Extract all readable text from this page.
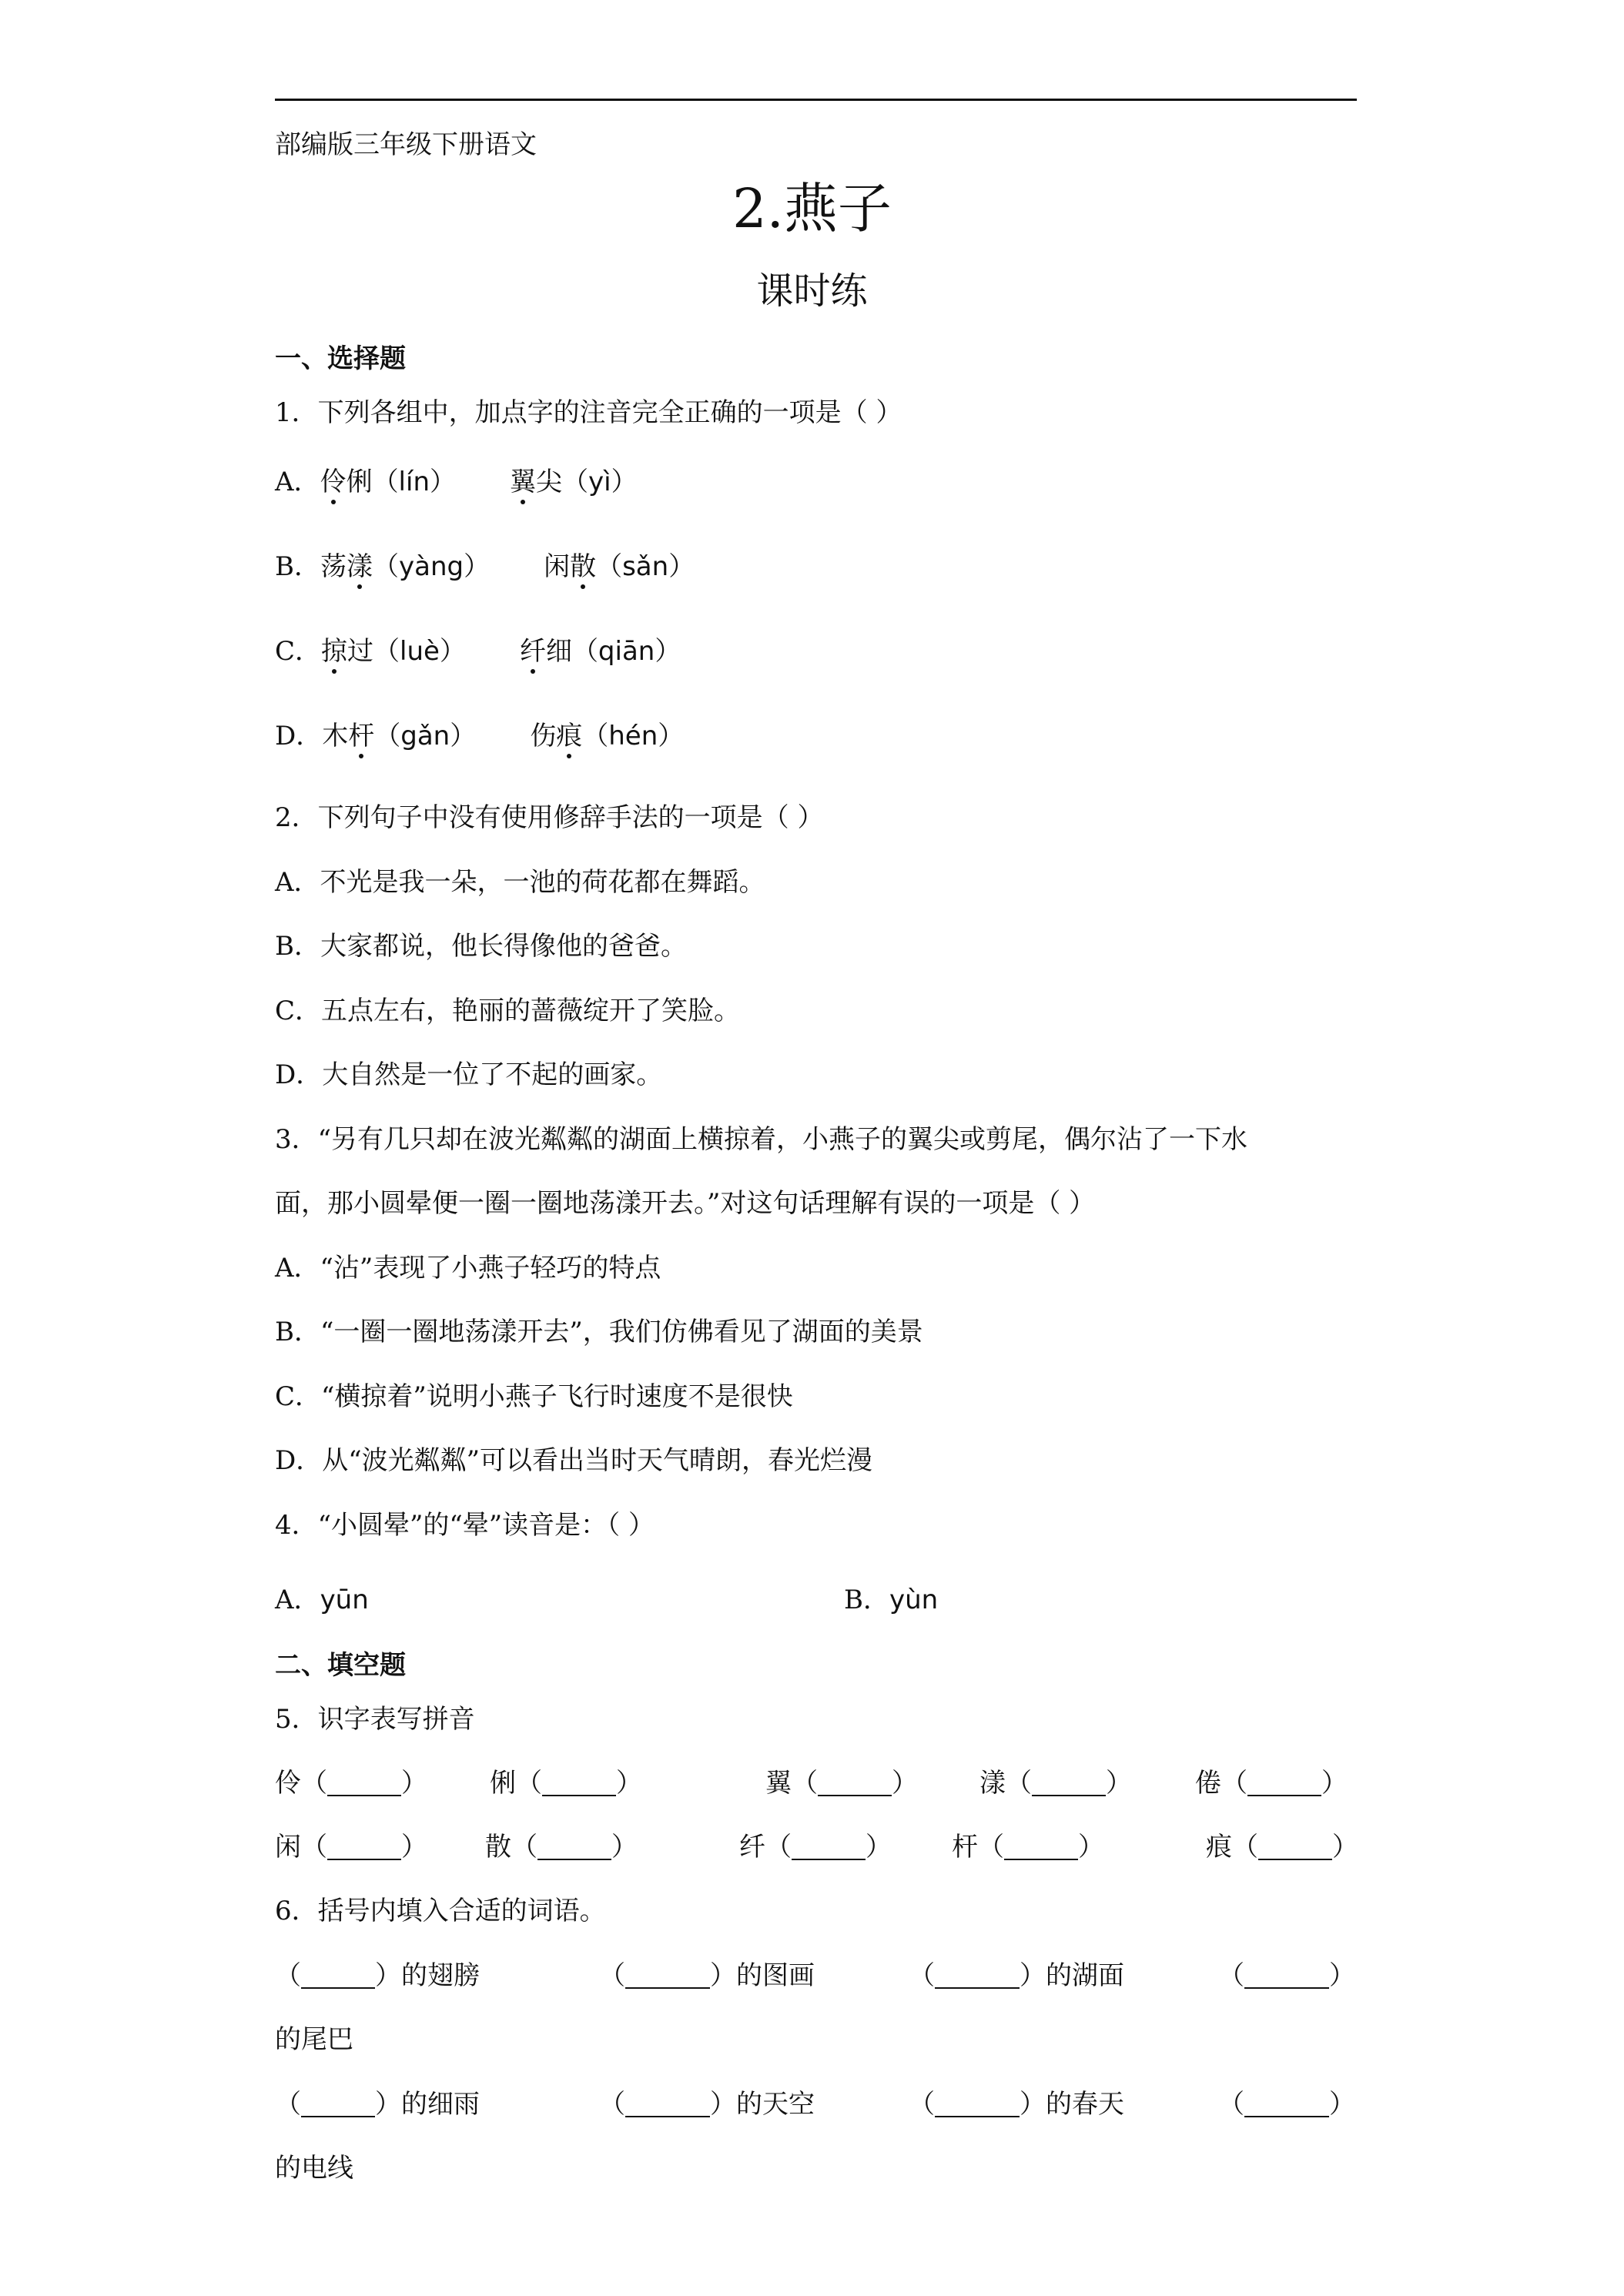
部编版三年级下册语文
2.燕子
课时练
一、选择题
1．下列各组中，加点字的注音完全正确的一项是（ ）
A．伶俐（lín） 翼尖（yì）
B．荡漾（yàng） 闲散（sǎn）
C．掠过（luè） 纤细（qiān）
D．木杆（gǎn） 伤痕（hén）
2．下列句子中没有使用修辞手法的一项是（ ）
A．不光是我一朵，一池的荷花都在舞蹈。
B．大家都说，他长得像他的爸爸。
C．五点左右，艳丽的蔷薇绽开了笑脸。
D．大自然是一位了不起的画家。
3．“另有几只却在波光粼粼的湖面上横掠着，小燕子的翼尖或剪尾，偶尔沾了一下水
面，那小圆晕便一圈一圈地荡漾开去。”对这句话理解有误的一项是（ ）
A．“沾”表现了小燕子轻巧的特点
B．“一圈一圈地荡漾开去”，我们仿佛看见了湖面的美景
C．“横掠着”说明小燕子飞行时速度不是很快
D．从“波光粼粼”可以看出当时天气晴朗，春光烂漫
4．“小圆晕”的“晕”读音是：（ ）
A．yūn	B．yùn
二、填空题
5．识字表写拼音
伶（	） 俐（	）	翼（	） 漾（	） 倦（	）
闲（	） 散（	）	纤（	） 杆（	）	痕（	）
6．括号内填入合适的词语。
（	）的翅膀	（	）的图画	（	）的湖面	（	）
的尾巴
（	）的细雨	（	）的天空	（	）的春天	（	）
的电线
